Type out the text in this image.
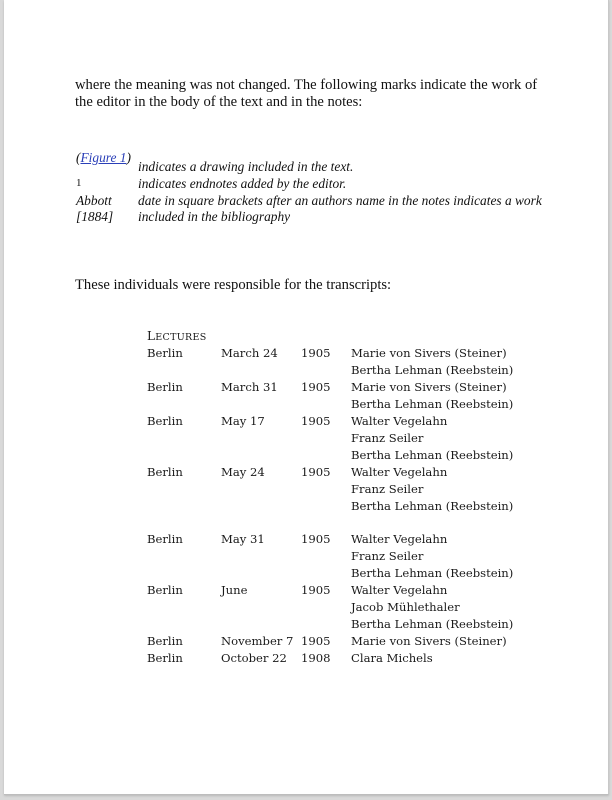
where the meaning was not changed. The following marks indicate the work of the editor in the body of the text and in the notes:

(Figure 1)	indicates a drawing included in the text.
1	indicates endnotes added by the editor.
Abbott [1884]	date in square brackets after an authors name in the notes indicates a work included in the bibliography

These individuals were responsible for the transcripts:

LECTURES
Berlin	March 24 1905 Marie von Sivers (Steiner)
Bertha Lehman (Reebstein)
Berlin	March 31 1905 Marie von Sivers (Steiner)
Bertha Lehman (Reebstein)
Berlin	May 17	1905 Walter Vegelahn
Franz Seiler
Bertha Lehman (Reebstein)
Berlin	May 24	1905 Walter Vegelahn
Franz Seiler
Bertha Lehman (Reebstein)
Berlin	May 31	1905 Walter Vegelahn
Franz Seiler
Bertha Lehman (Reebstein)
Berlin	June	1905 Walter Vegelahn
Jacob Mühlethaler
Bertha Lehman (Reebstein)
Berlin	November 7 1905 Marie von Sivers (Steiner)
Berlin	October 22 1908 Clara Michels
